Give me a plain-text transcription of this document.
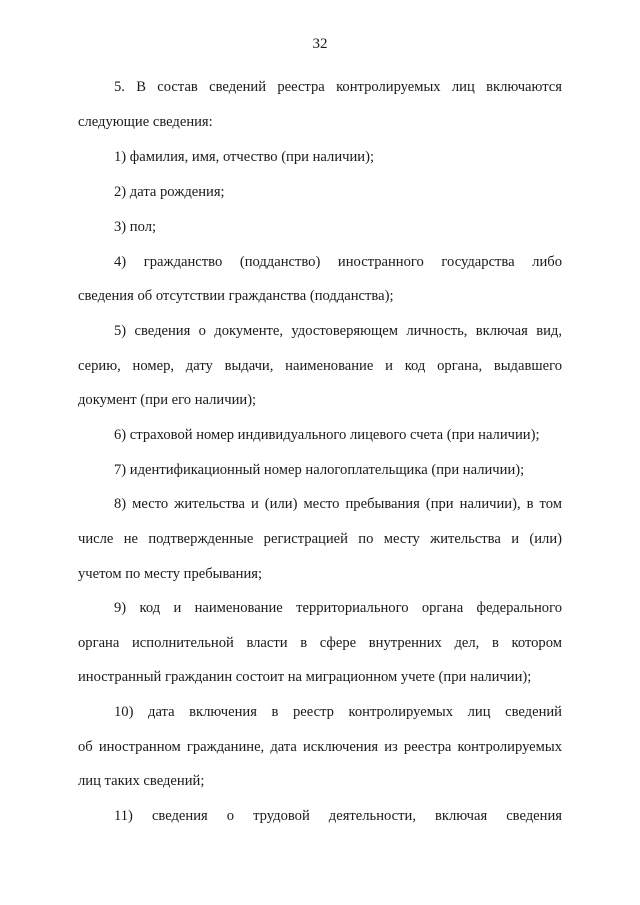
32
5. В состав сведений реестра контролируемых лиц включаются
следующие сведения:
1) фамилия, имя, отчество (при наличии);
2) дата рождения;
3) пол;
4) гражданство (подданство) иностранного государства либо
сведения об отсутствии гражданства (подданства);
5) сведения о документе, удостоверяющем личность, включая вид,
серию, номер, дату выдачи, наименование и код органа, выдавшего
документ (при его наличии);
6) страховой номер индивидуального лицевого счета (при наличии);
7) идентификационный номер налогоплательщика (при наличии);
8) место жительства и (или) место пребывания (при наличии), в том
числе не подтвержденные регистрацией по месту жительства и (или)
учетом по месту пребывания;
9) код и наименование территориального органа федерального
органа исполнительной власти в сфере внутренних дел, в котором
иностранный гражданин состоит на миграционном учете (при наличии);
10) дата включения в реестр контролируемых лиц сведений
об иностранном гражданине, дата исключения из реестра контролируемых
лиц таких сведений;
11) сведения о трудовой деятельности, включая сведения
